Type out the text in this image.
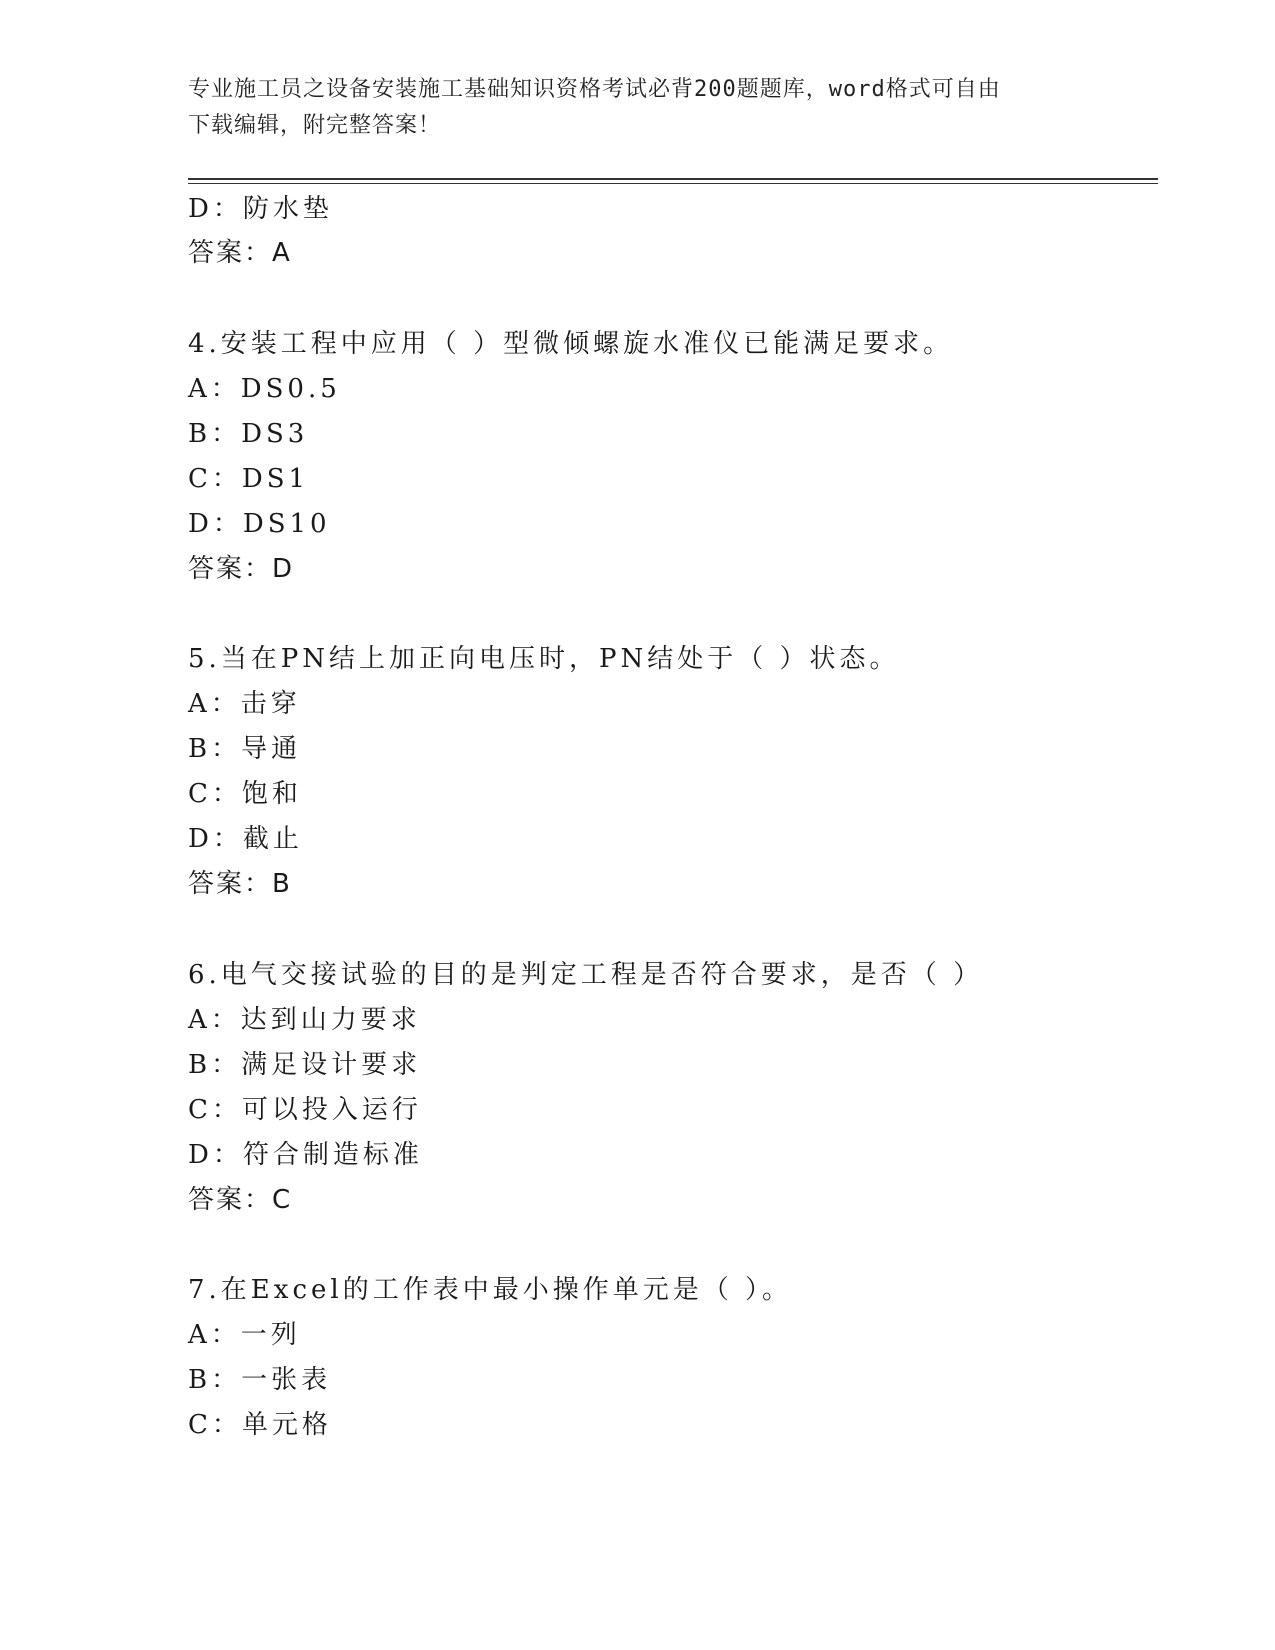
专业施工员之设备安装施工基础知识资格考试必背200题题库，word格式可自由
下载编辑，附完整答案！
D：防水垫
答案：A
4.安装工程中应用（ ）型微倾螺旋水准仪已能满足要求。
A：DS0.5
B：DS3
C：DS1
D：DS10
答案：D
5.当在PN结上加正向电压时，PN结处于（ ）状态。
A：击穿
B：导通
C：饱和
D：截止
答案：B
6.电气交接试验的目的是判定工程是否符合要求，是否（ ）
A：达到山力要求
B：满足设计要求
C：可以投入运行
D：符合制造标准
答案：C
7.在Excel的工作表中最小操作单元是（ ）。
A：一列
B：一张表
C：单元格
